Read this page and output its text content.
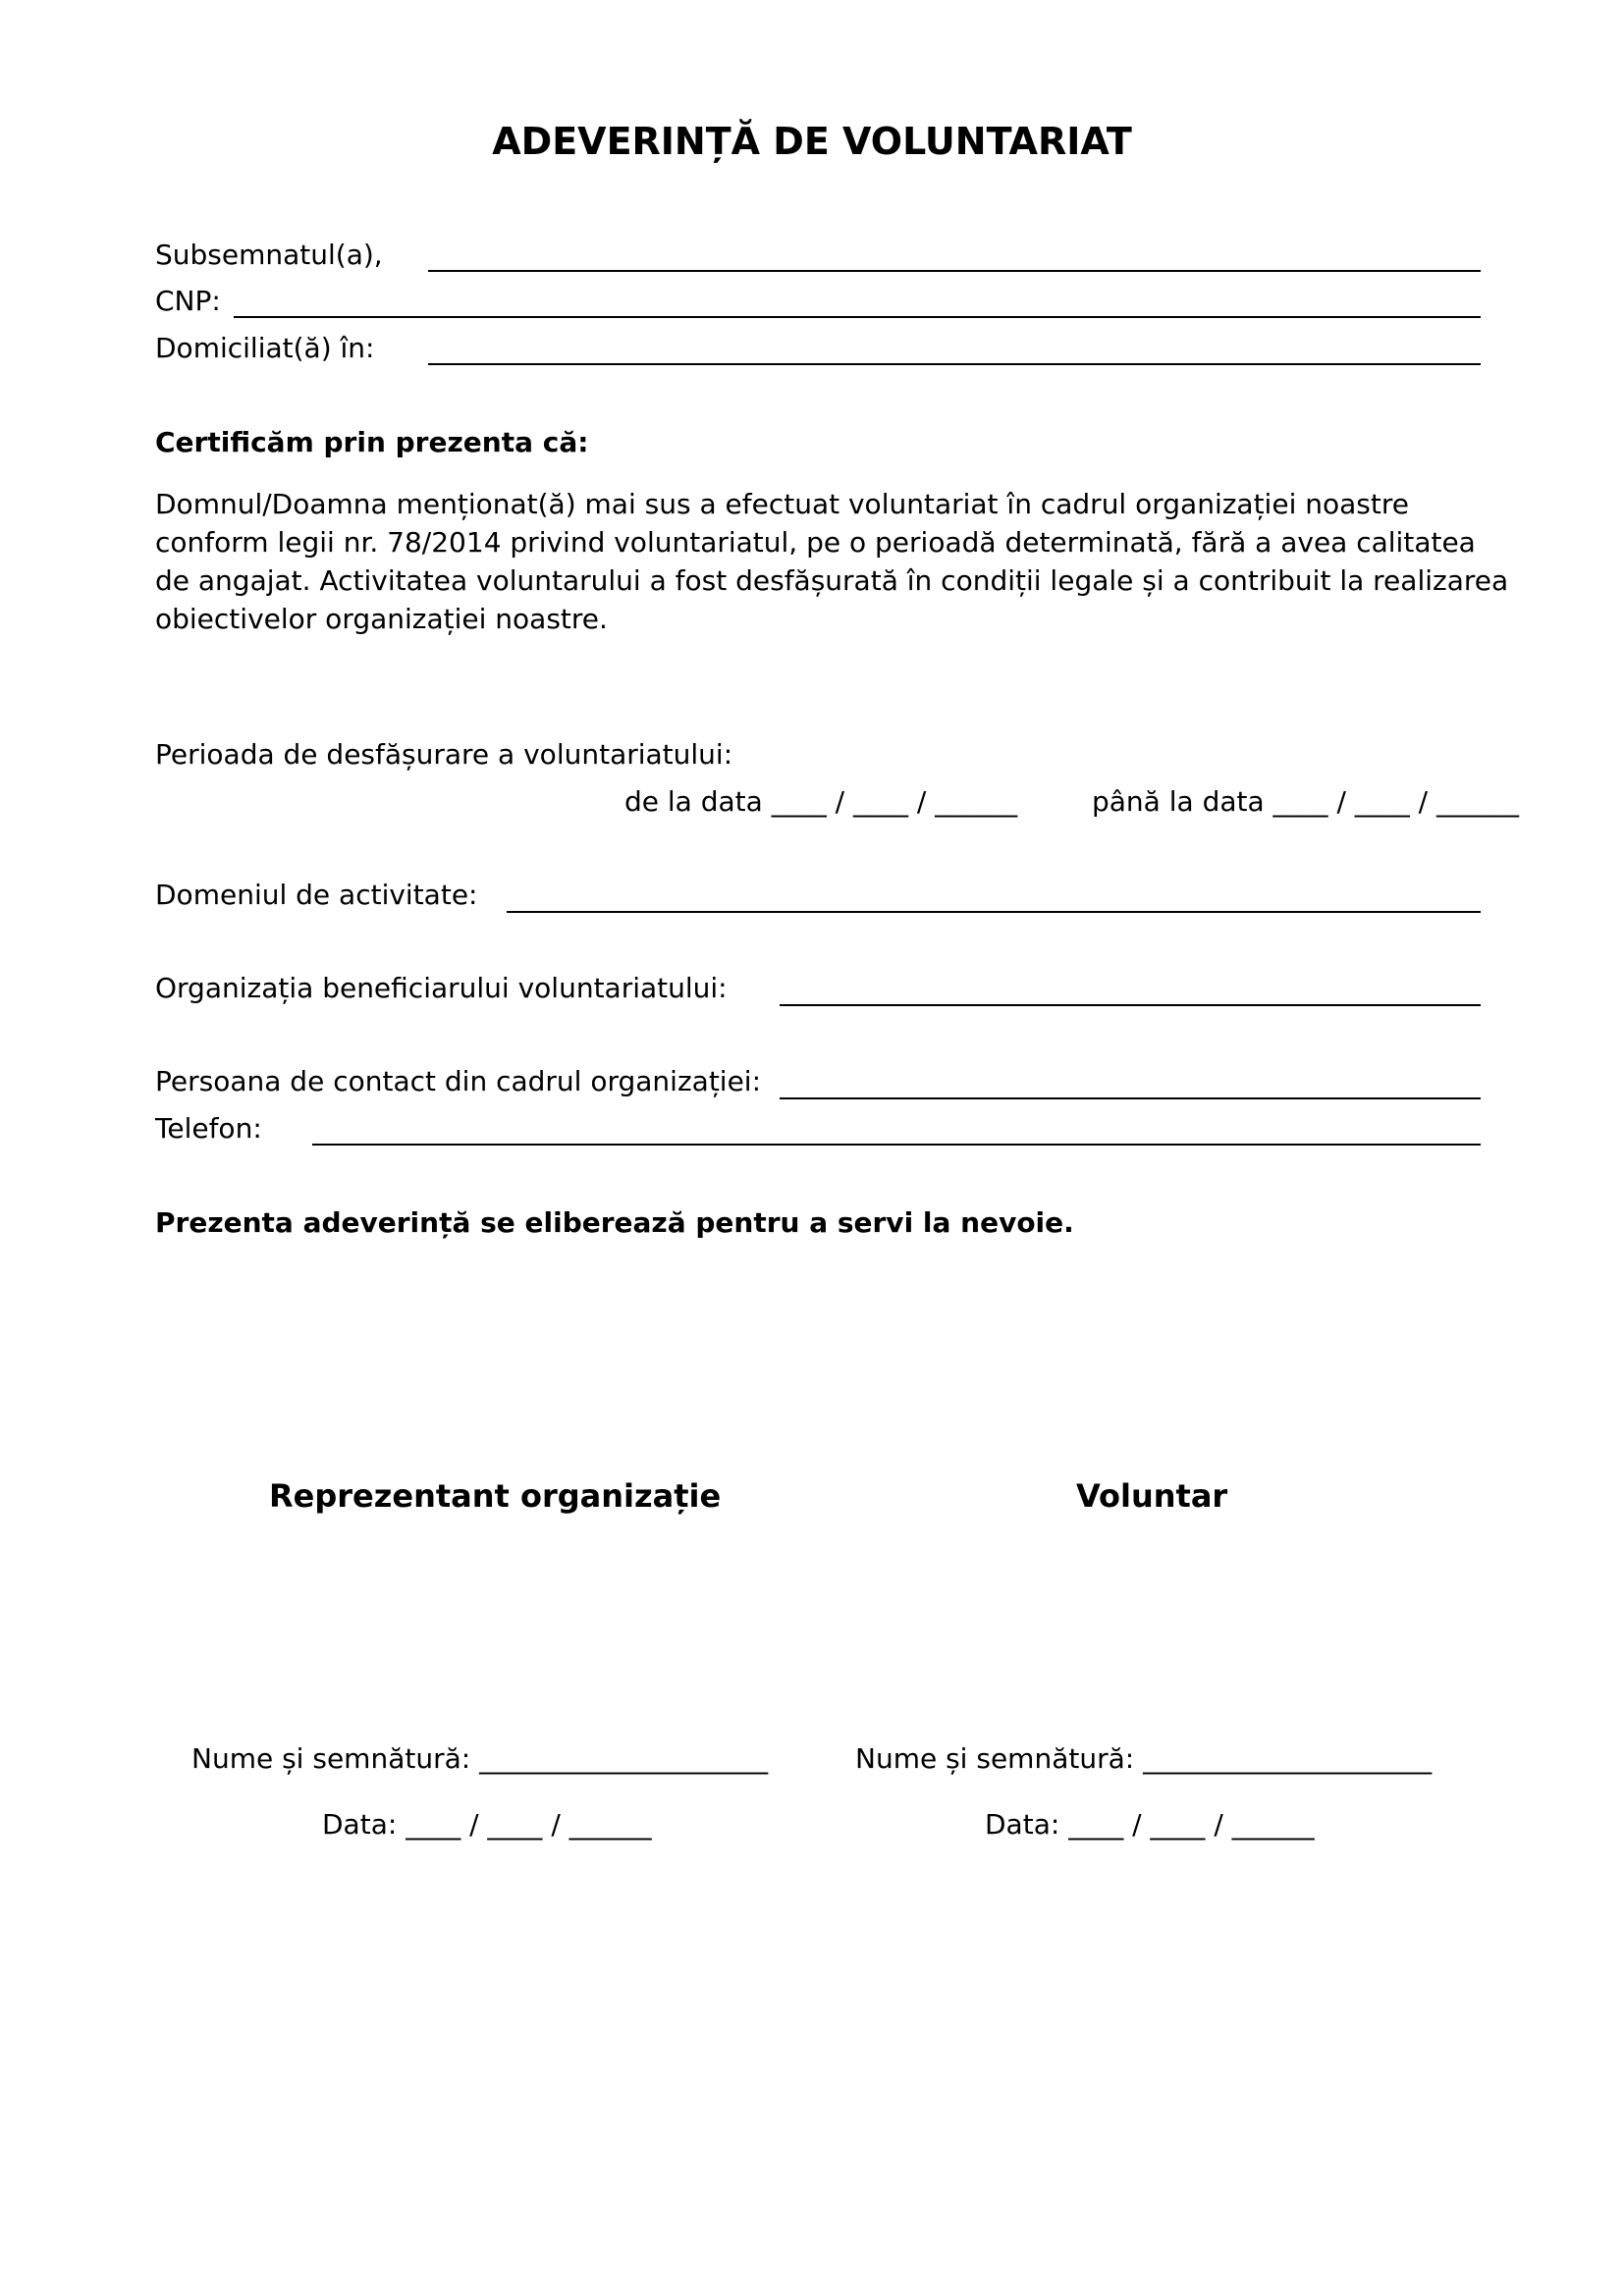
ADEVERINȚĂ DE VOLUNTARIAT
Subsemnatul(a),
CNP:
Domiciliat(ă) în:
Certificăm prin prezenta că:

Domnul/Doamna menționat(ă) mai sus a efectuat voluntariat în cadrul organizației noastre conform legii nr. 78/2014 privind voluntariatul, pe o perioadă determinată, fără a avea calitatea de angajat. Activitatea voluntarului a fost desfășurată în condiții legale și a contribuit la realizarea obiectivelor organizației noastre.

Perioada de desfășurare a voluntariatului:
de la data ____ / ____ / ______	până la data ____ / ____ / ______
Domeniul de activitate:
Organizația beneficiarului voluntariatului:
Persoana de contact din cadrul organizației:
Telefon:
Prezenta adeverință se eliberează pentru a servi la nevoie.
Reprezentant organizație	Voluntar
Nume și semnătură: _____________________	Nume și semnătură: _____________________
Data: ____ / ____ / ______	Data: ____ / ____ / ______
